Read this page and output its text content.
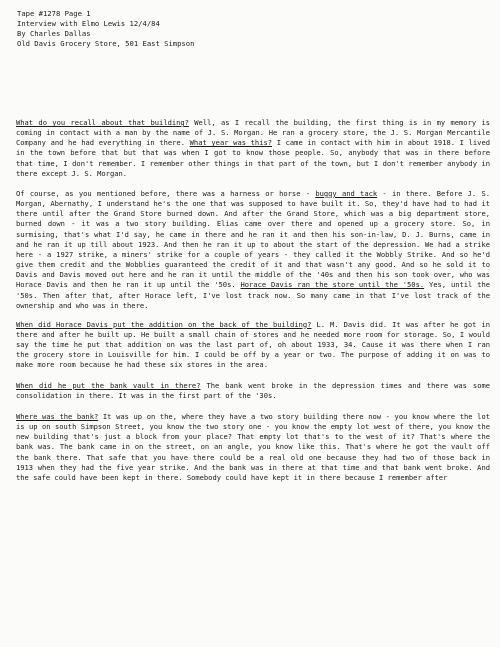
Tape #1278 Page 1
Interview with Elmo Lewis 12/4/84
By Charles Dallas
Old Davis Grocery Store, 501 East Simpson

What do you recall about that building? Well, as I recall the building, the first thing is in my memory is coming in contact with a man by the name of J. S. Morgan. He ran a grocery store, the J. S. Morgan Mercantile Company and he had everything in there. What year was this? I came in contact with him in about 1918. I lived in the town before that but that was when I got to know those people. So, anybody that was in there before that time, I don't remember. I remember other things in that part of the town, but I don't remember anybody in there except J. S. Morgan.

Of course, as you mentioned before, there was a harness or horse - buggy and tack - in there. Before J. S. Morgan, Abernathy, I understand he's the one that was supposed to have built it. So, they'd have had to had it there until after the Grand Store burned down. And after the Grand Store, which was a big department store, burned down - it was a two story building. Elias came over there and opened up a grocery store. So, in surmising, that's what I'd say, he came in there and he ran it and then his son-in-law, D. J. Burns, came in and he ran it up till about 1923. And then he ran it up to about the start of the depression. We had a strike here - a 1927 strike, a miners' strike for a couple of years - they called it the Wobbly Strike. And so he'd give them credit and the Wobblies guaranteed the credit of it and that wasn't any good. And so he sold it to Davis and Davis moved out here and he ran it until the middle of the '40s and then his son took over, who was Horace Davis and then he ran it up until the '50s. Horace Davis ran the store until the '50s. Yes, until the '50s. Then after that, after Horace left, I've lost track now. So many came in that I've lost track of the ownership and who was in there.

When did Horace Davis put the addition on the back of the building? L. M. Davis did. It was after he got in there and after he built up. He built a small chain of stores and he needed more room for storage. So, I would say the time he put that addition on was the last part of, oh about 1933, 34. Cause it was there when I ran the grocery store in Louisville for him. I could be off by a year or two. The purpose of adding it on was to make more room because he had these six stores in the area.

When did he put the bank vault in there? The bank went broke in the depression times and there was some consolidation in there. It was in the first part of the '30s.

Where was the bank? It was up on the, where they have a two story building there now - you know where the lot is up on south Simpson Street, you know the two story one - you know the empty lot west of there, you know the new building that's just a block from your place? That empty lot that's to the west of it? That's where the bank was. The bank came in on the street, on an angle, you know like this. That's where he got the vault off the bank there. That safe that you have there could be a real old one because they had two of those back in 1913 when they had the five year strike. And the bank was in there at that time and that bank went broke. And the safe could have been kept in there. Somebody could have kept it in there because I remember after
